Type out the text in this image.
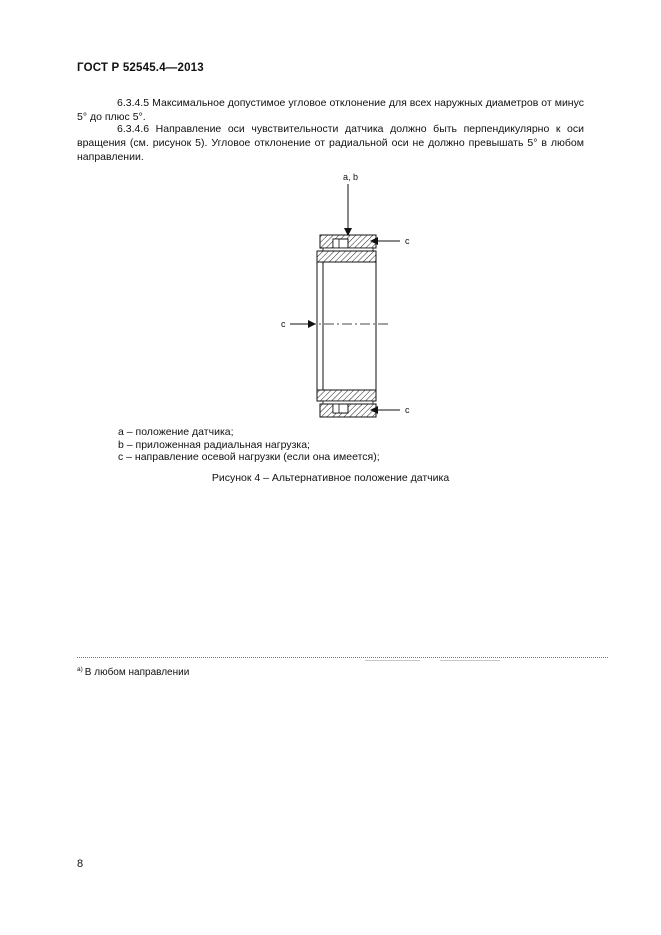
ГОСТ Р 52545.4—2013
6.3.4.5 Максимальное допустимое угловое отклонение для всех наружных диаметров от минус 5° до плюс 5°.
6.3.4.6 Направление оси чувствительности датчика должно быть перпендикулярно к оси вращения (см. рисунок 5). Угловое отклонение от радиальной оси не должно превышать 5° в любом направлении.
a, b
c
c
c
а – положение датчика;
b – приложенная радиальная нагрузка;
с – направление осевой нагрузки (если она имеется);
Рисунок 4 – Альтернативное положение датчика
$^{а)}$ В любом направлении
8
